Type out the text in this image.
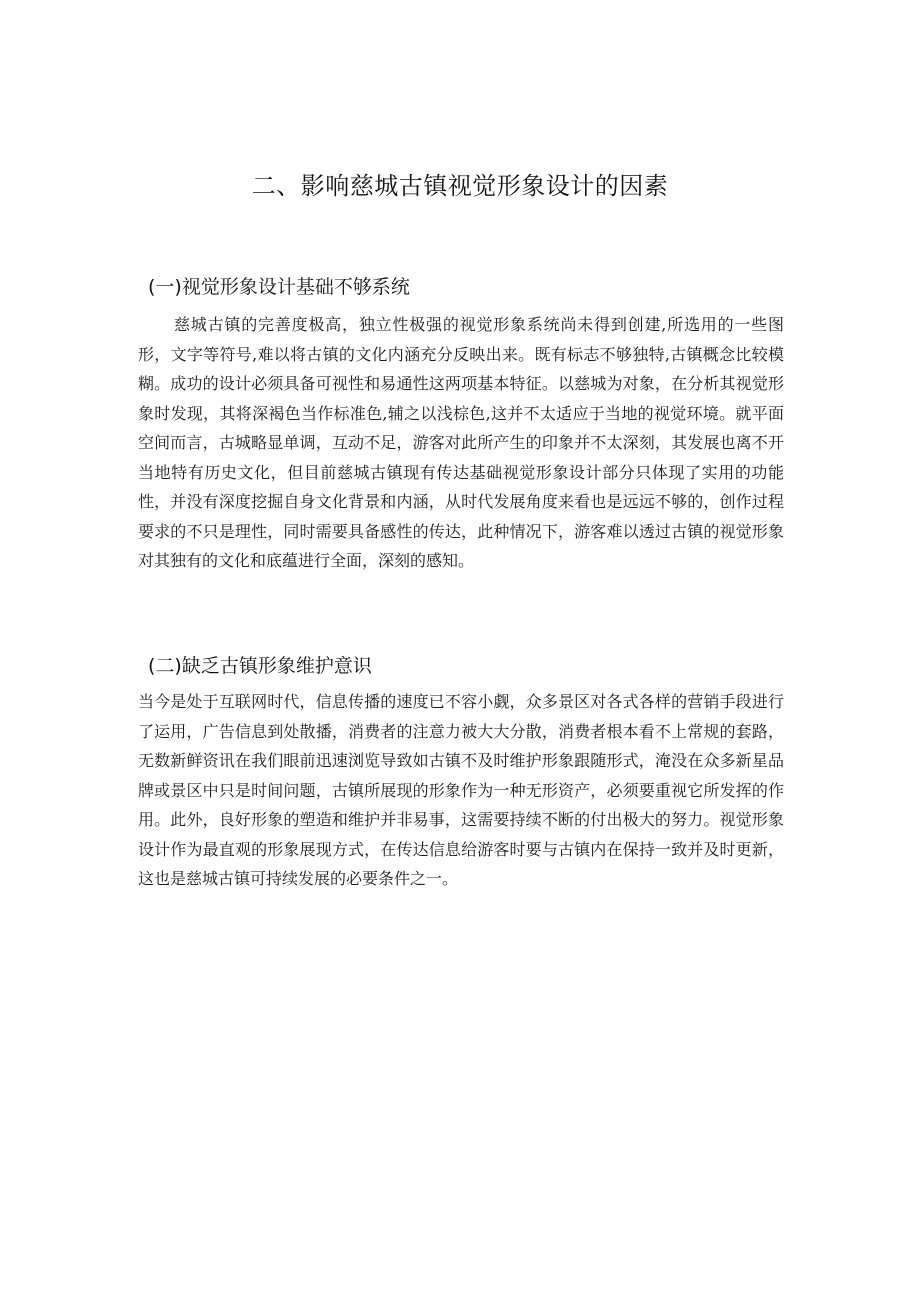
二、影响慈城古镇视觉形象设计的因素
(一)视觉形象设计基础不够系统

慈城古镇的完善度极高，独立性极强的视觉形象系统尚未得到创建,所选用的一些图形，文字等符号,难以将古镇的文化内涵充分反映出来。既有标志不够独特,古镇概念比较模糊。成功的设计必须具备可视性和易通性这两项基本特征。以慈城为对象，在分析其视觉形象时发现，其将深褐色当作标准色,辅之以浅棕色,这并不太适应于当地的视觉环境。就平面空间而言，古城略显单调，互动不足，游客对此所产生的印象并不太深刻，其发展也离不开当地特有历史文化，但目前慈城古镇现有传达基础视觉形象设计部分只体现了实用的功能性，并没有深度挖掘自身文化背景和内涵，从时代发展角度来看也是远远不够的，创作过程要求的不只是理性，同时需要具备感性的传达，此种情况下，游客难以透过古镇的视觉形象对其独有的文化和底蕴进行全面，深刻的感知。

(二)缺乏古镇形象维护意识

当今是处于互联网时代，信息传播的速度已不容小觑，众多景区对各式各样的营销手段进行了运用，广告信息到处散播，消费者的注意力被大大分散，消费者根本看不上常规的套路，无数新鲜资讯在我们眼前迅速浏览导致如古镇不及时维护形象跟随形式，淹没在众多新星品牌或景区中只是时间问题，古镇所展现的形象作为一种无形资产，必须要重视它所发挥的作用。此外，良好形象的塑造和维护并非易事，这需要持续不断的付出极大的努力。视觉形象设计作为最直观的形象展现方式，在传达信息给游客时要与古镇内在保持一致并及时更新，这也是慈城古镇可持续发展的必要条件之一。
